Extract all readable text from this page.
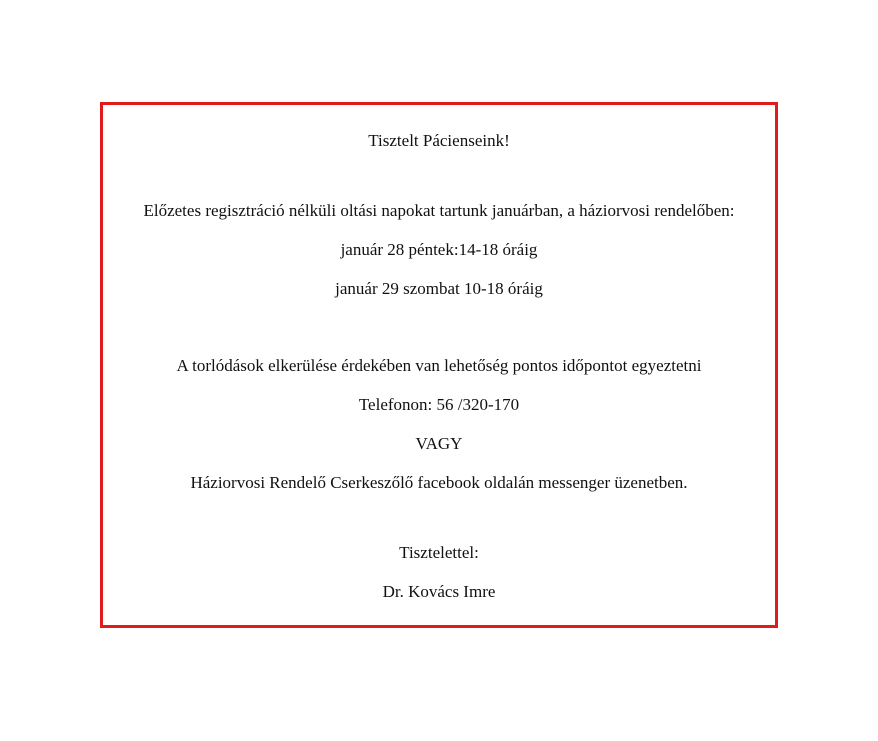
Tisztelt Pácienseink!
Előzetes regisztráció nélküli oltási napokat tartunk januárban, a háziorvosi rendelőben:
január 28 péntek:14-18 óráig
január 29 szombat 10-18 óráig
A torlódások elkerülése érdekében van lehetőség pontos időpontot egyeztetni
Telefonon: 56 /320-170
VAGY
Háziorvosi Rendelő Cserkeszőlő facebook oldalán messenger üzenetben.
Tisztelettel:
Dr. Kovács Imre
